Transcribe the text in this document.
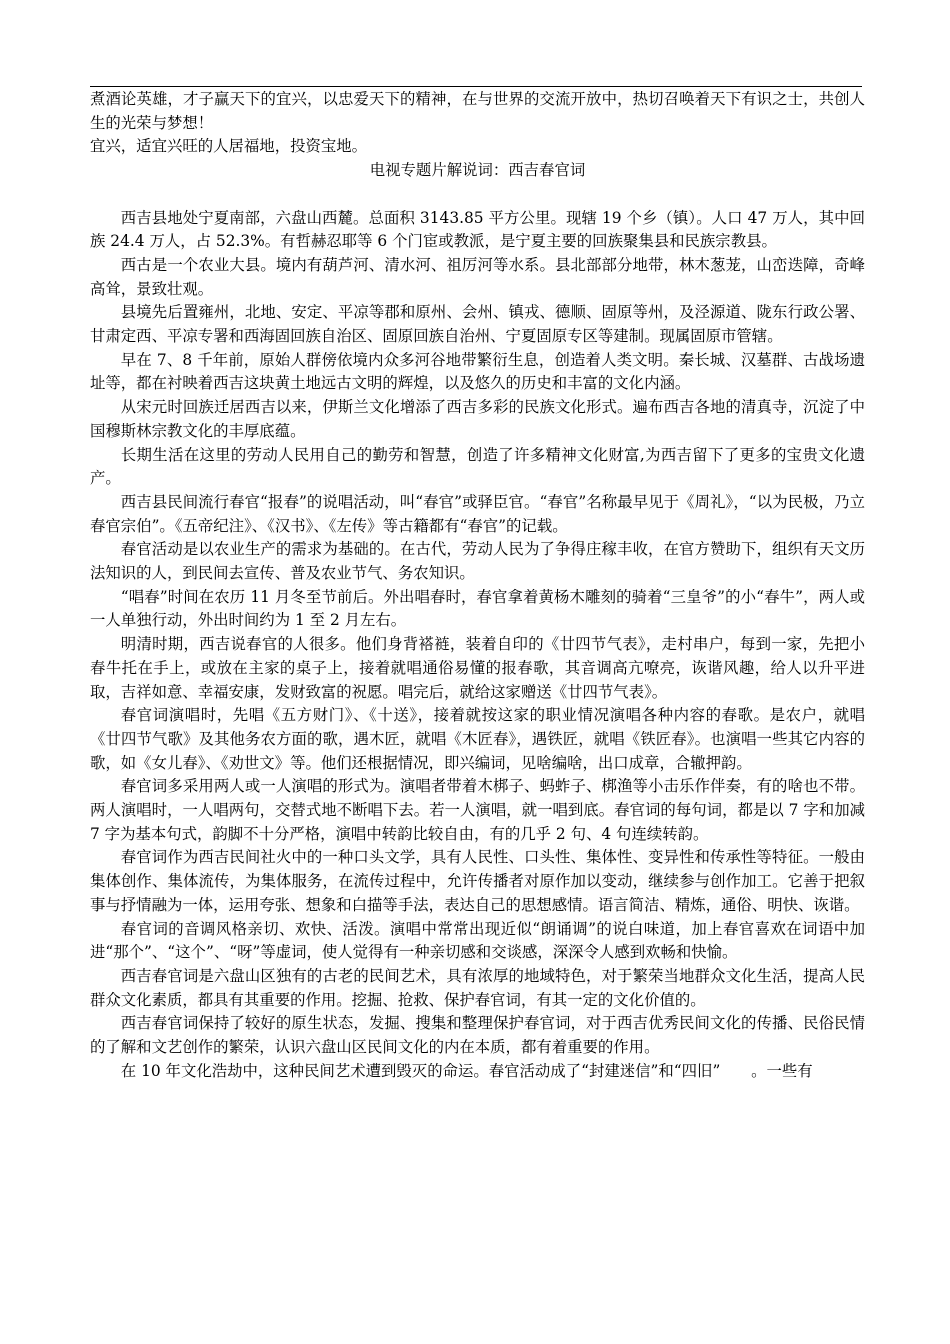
煮酒论英雄，才子赢天下的宜兴，以忠爱天下的精神，在与世界的交流开放中，热切召唤着天下有识之士，共创人生的光荣与梦想！

宜兴，适宜兴旺的人居福地，投资宝地。

电视专题片解说词：西吉春官词

西吉县地处宁夏南部，六盘山西麓。总面积 3143.85 平方公里。现辖 19 个乡（镇）。人口 47 万人，其中回族 24.4 万人，占 52.3%。有哲赫忍耶等 6 个门宦或教派，是宁夏主要的回族聚集县和民族宗教县。

西古是一个农业大县。境内有葫芦河、清水河、祖厉河等水系。县北部部分地带，林木葱茏，山峦迭障，奇峰高耸，景致壮观。

县境先后置雍州，北地、安定、平凉等郡和原州、会州、镇戎、德顺、固原等州，及泾源道、陇东行政公署、甘肃定西、平凉专署和西海固回族自治区、固原回族自治州、宁夏固原专区等建制。现属固原市管辖。

早在 7、8 千年前，原始人群傍依境内众多河谷地带繁衍生息，创造着人类文明。秦长城、汉墓群、古战场遗址等，都在衬映着西吉这块黄土地远古文明的辉煌，以及悠久的历史和丰富的文化内涵。

从宋元时回族迁居西吉以来，伊斯兰文化增添了西吉多彩的民族文化形式。遍布西吉各地的清真寺，沉淀了中国穆斯林宗教文化的丰厚底蕴。

长期生活在这里的劳动人民用自己的勤劳和智慧，创造了许多精神文化财富,为西吉留下了更多的宝贵文化遗产。

西吉县民间流行春官“报春”的说唱活动，叫“春官”或驿臣官。“春官”名称最早见于《周礼》，“以为民极，乃立春官宗伯”。《五帝纪注》、《汉书》、《左传》等古籍都有“春官”的记载。

春官活动是以农业生产的需求为基础的。在古代，劳动人民为了争得庄稼丰收，在官方赞助下，组织有天文历法知识的人，到民间去宣传、普及农业节气、务农知识。

“唱春”时间在农历 11 月冬至节前后。外出唱春时，春官拿着黄杨木雕刻的骑着“三皇爷”的小“春牛”，两人或一人单独行动，外出时间约为 1 至 2 月左右。

明清时期，西吉说春官的人很多。他们身背褡裢，装着自印的《廿四节气表》，走村串户，每到一家，先把小春牛托在手上，或放在主家的桌子上，接着就唱通俗易懂的报春歌，其音调高亢嘹亮，诙谐风趣，给人以升平进取，吉祥如意、幸福安康，发财致富的祝愿。唱完后，就给这家赠送《廿四节气表》。

春官词演唱时，先唱《五方财门》、《十送》，接着就按这家的职业情况演唱各种内容的春歌。是农户，就唱《廿四节气歌》及其他务农方面的歌，遇木匠，就唱《木匠春》，遇铁匠，就唱《铁匠春》。也演唱一些其它内容的歌，如《女儿春》、《劝世文》等。他们还根据情况，即兴编词，见啥编啥，出口成章，合辙押韵。

春官词多采用两人或一人演唱的形式为。演唱者带着木梆子、蚂蚱子、梆渔等小击乐作伴奏，有的啥也不带。两人演唱时，一人唱两句，交替式地不断唱下去。若一人演唱，就一唱到底。春官词的每句词，都是以 7 字和加减 7 字为基本句式，韵脚不十分严格，演唱中转韵比较自由，有的几乎 2 句、4 句连续转韵。

春官词作为西吉民间社火中的一种口头文学，具有人民性、口头性、集体性、变异性和传承性等特征。一般由集体创作、集体流传，为集体服务，在流传过程中，允许传播者对原作加以变动，继续参与创作加工。它善于把叙事与抒情融为一体，运用夸张、想象和白描等手法，表达自己的思想感情。语言简洁、精炼，通俗、明快、诙谐。

春官词的音调风格亲切、欢快、活泼。演唱中常常出现近似“朗诵调”的说白味道，加上春官喜欢在词语中加进“那个”、“这个”、“呀”等虚词，使人觉得有一种亲切感和交谈感，深深令人感到欢畅和快愉。

西吉春官词是六盘山区独有的古老的民间艺术，具有浓厚的地域特色，对于繁荣当地群众文化生活，提高人民群众文化素质，都具有其重要的作用。挖掘、抢救、保护春官词，有其一定的文化价值的。

西吉春官词保持了较好的原生状态，发掘、搜集和整理保护春官词，对于西吉优秀民间文化的传播、民俗民情的了解和文艺创作的繁荣，认识六盘山区民间文化的内在本质，都有着重要的作用。

在 10 年文化浩劫中，这种民间艺术遭到毁灭的命运。春官活动成了“封建迷信”和“四旧”　　。一些有
